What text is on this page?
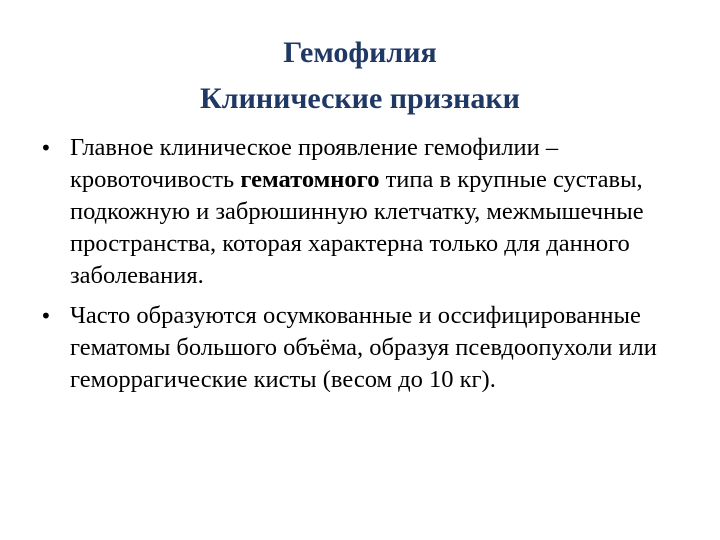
Гемофилия
Клинические признаки
• Главное клиническое проявление гемофилии – кровоточивость гематомного типа в крупные суставы, подкожную и забрюшинную клетчатку, межмышечные пространства, которая характерна только для данного заболевания.
• Часто образуются осумкованные и оссифицированные гематомы большого объёма, образуя псевдоопухоли или геморрагические кисты (весом до 10 кг).
